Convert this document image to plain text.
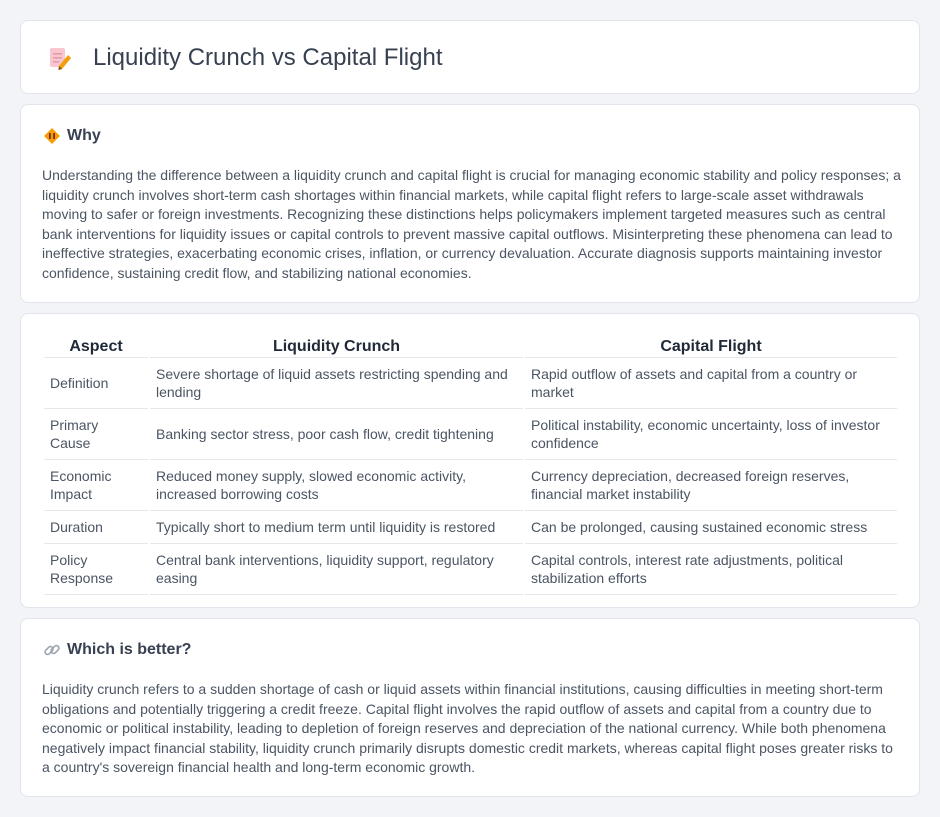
Liquidity Crunch vs Capital Flight
Why

Understanding the difference between a liquidity crunch and capital flight is crucial for managing economic stability and policy responses; a liquidity crunch involves short-term cash shortages within financial markets, while capital flight refers to large-scale asset withdrawals moving to safer or foreign investments. Recognizing these distinctions helps policymakers implement targeted measures such as central bank interventions for liquidity issues or capital controls to prevent massive capital outflows. Misinterpreting these phenomena can lead to ineffective strategies, exacerbating economic crises, inflation, or currency devaluation. Accurate diagnosis supports maintaining investor confidence, sustaining credit flow, and stabilizing national economies.

Aspect	Liquidity Crunch	Capital Flight
Definition	Severe shortage of liquid assets restricting spending and lending	Rapid outflow of assets and capital from a country or market
Primary Cause	Banking sector stress, poor cash flow, credit tightening	Political instability, economic uncertainty, loss of investor confidence
Economic Impact	Reduced money supply, slowed economic activity, increased borrowing costs	Currency depreciation, decreased foreign reserves, financial market instability
Duration	Typically short to medium term until liquidity is restored	Can be prolonged, causing sustained economic stress
Policy Response	Central bank interventions, liquidity support, regulatory easing	Capital controls, interest rate adjustments, political stabilization efforts
Which is better?

Liquidity crunch refers to a sudden shortage of cash or liquid assets within financial institutions, causing difficulties in meeting short-term obligations and potentially triggering a credit freeze. Capital flight involves the rapid outflow of assets and capital from a country due to economic or political instability, leading to depletion of foreign reserves and depreciation of the national currency. While both phenomena negatively impact financial stability, liquidity crunch primarily disrupts domestic credit markets, whereas capital flight poses greater risks to a country's sovereign financial health and long-term economic growth.
